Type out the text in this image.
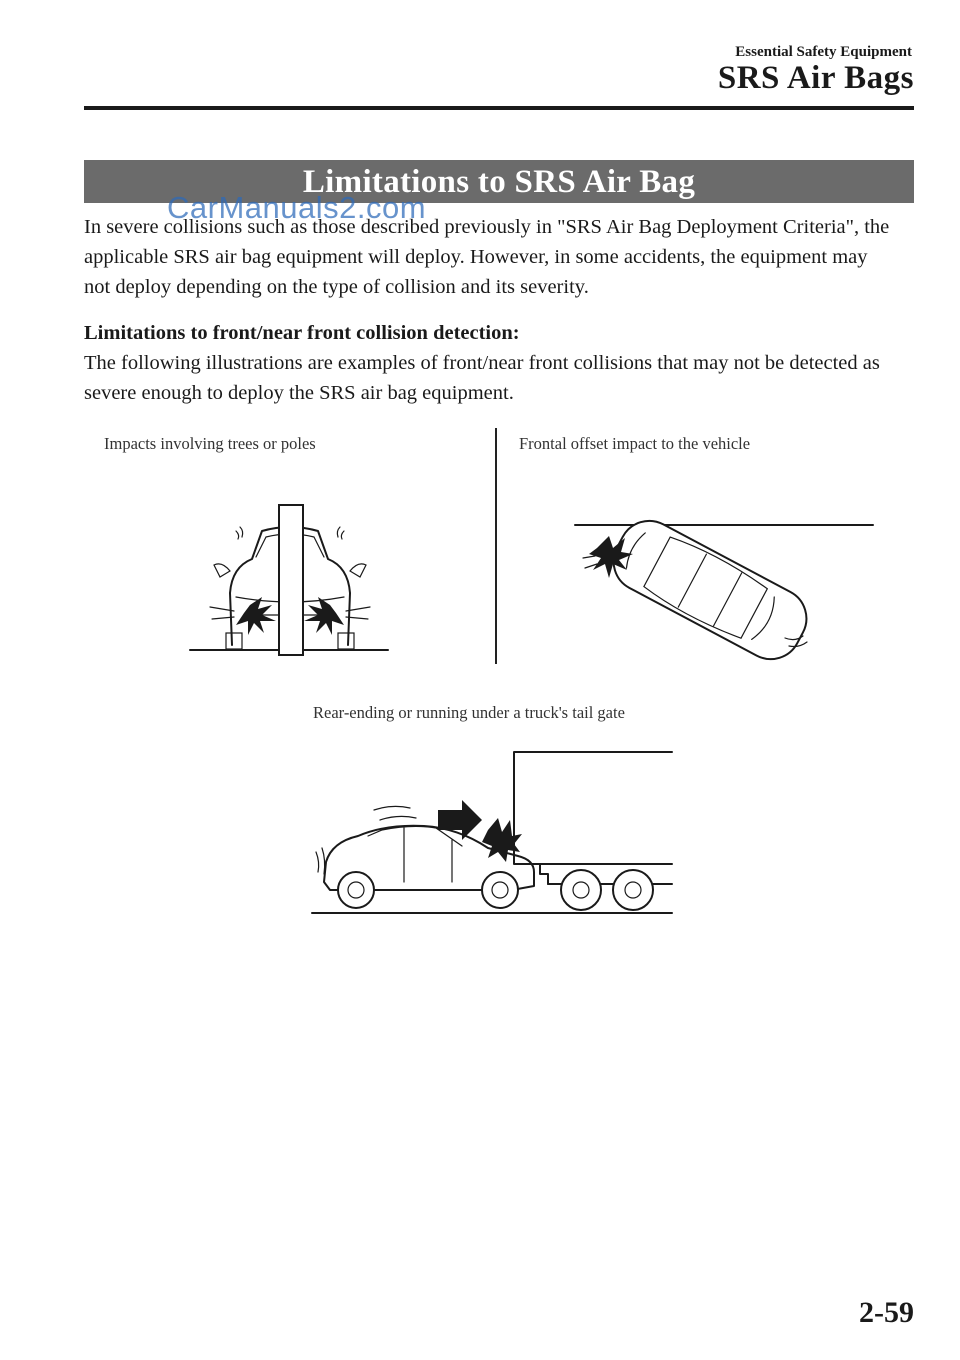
Essential Safety Equipment
SRS Air Bags
Limitations to SRS Air Bag
CarManuals2.com
In severe collisions such as those described previously in "SRS Air Bag Deployment Criteria", the applicable SRS air bag equipment will deploy. However, in some accidents, the equipment may not deploy depending on the type of collision and its severity.
Limitations to front/near front collision detection:
The following illustrations are examples of front/near front collisions that may not be detected as severe enough to deploy the SRS air bag equipment.
Impacts involving trees or poles	Frontal offset impact to the vehicle
Rear-ending or running under a truck's tail gate
2-59
